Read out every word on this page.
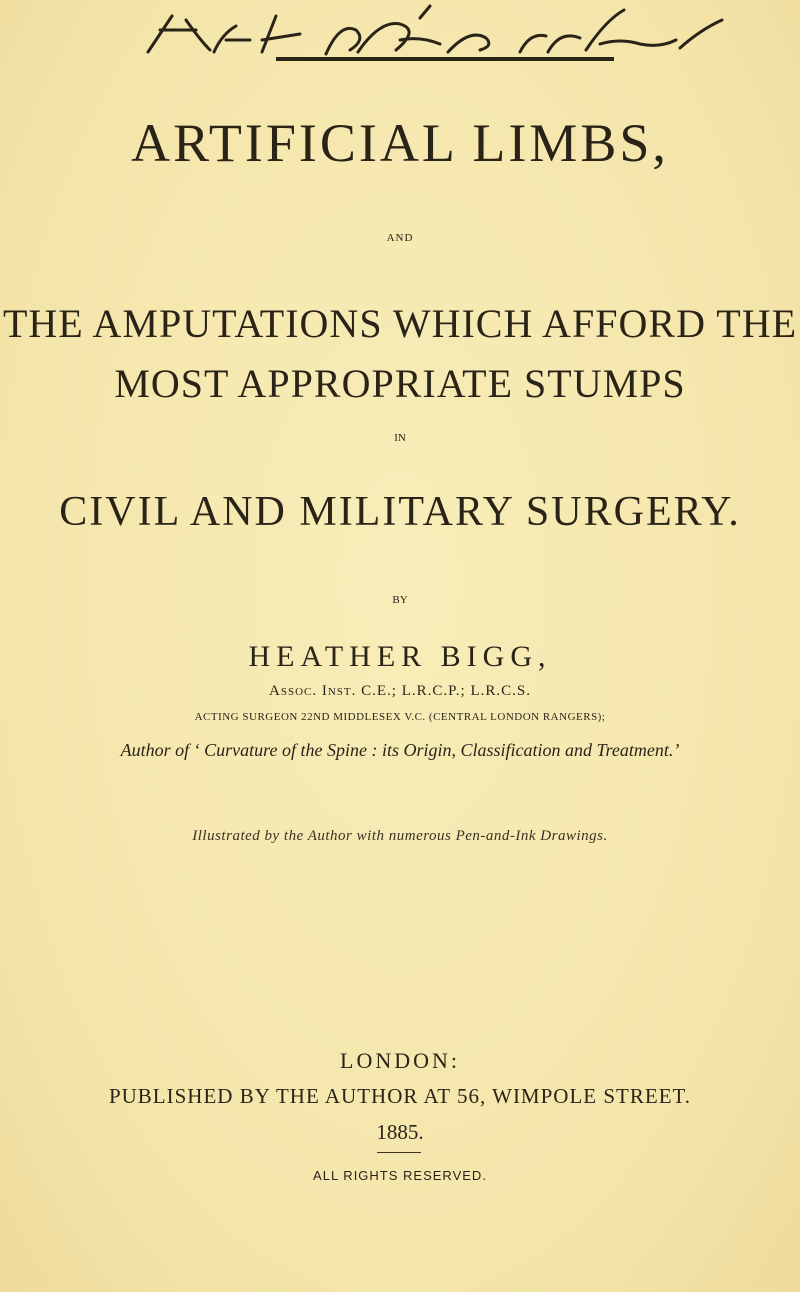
ARTIFICIAL LIMBS,
AND
THE AMPUTATIONS WHICH AFFORD THE
MOST APPROPRIATE STUMPS
IN
CIVIL AND MILITARY SURGERY.
BY
HEATHER BIGG,
Assoc. Inst. C.E.; L.R.C.P.; L.R.C.S.
ACTING SURGEON 22ND MIDDLESEX V.C. (CENTRAL LONDON RANGERS);
Author of ‘ Curvature of the Spine : its Origin, Classification and Treatment.’
Illustrated by the Author with numerous Pen-and-Ink Drawings.
LONDON:
PUBLISHED BY THE AUTHOR AT 56, WIMPOLE STREET.
1885.
ALL RIGHTS RESERVED.
